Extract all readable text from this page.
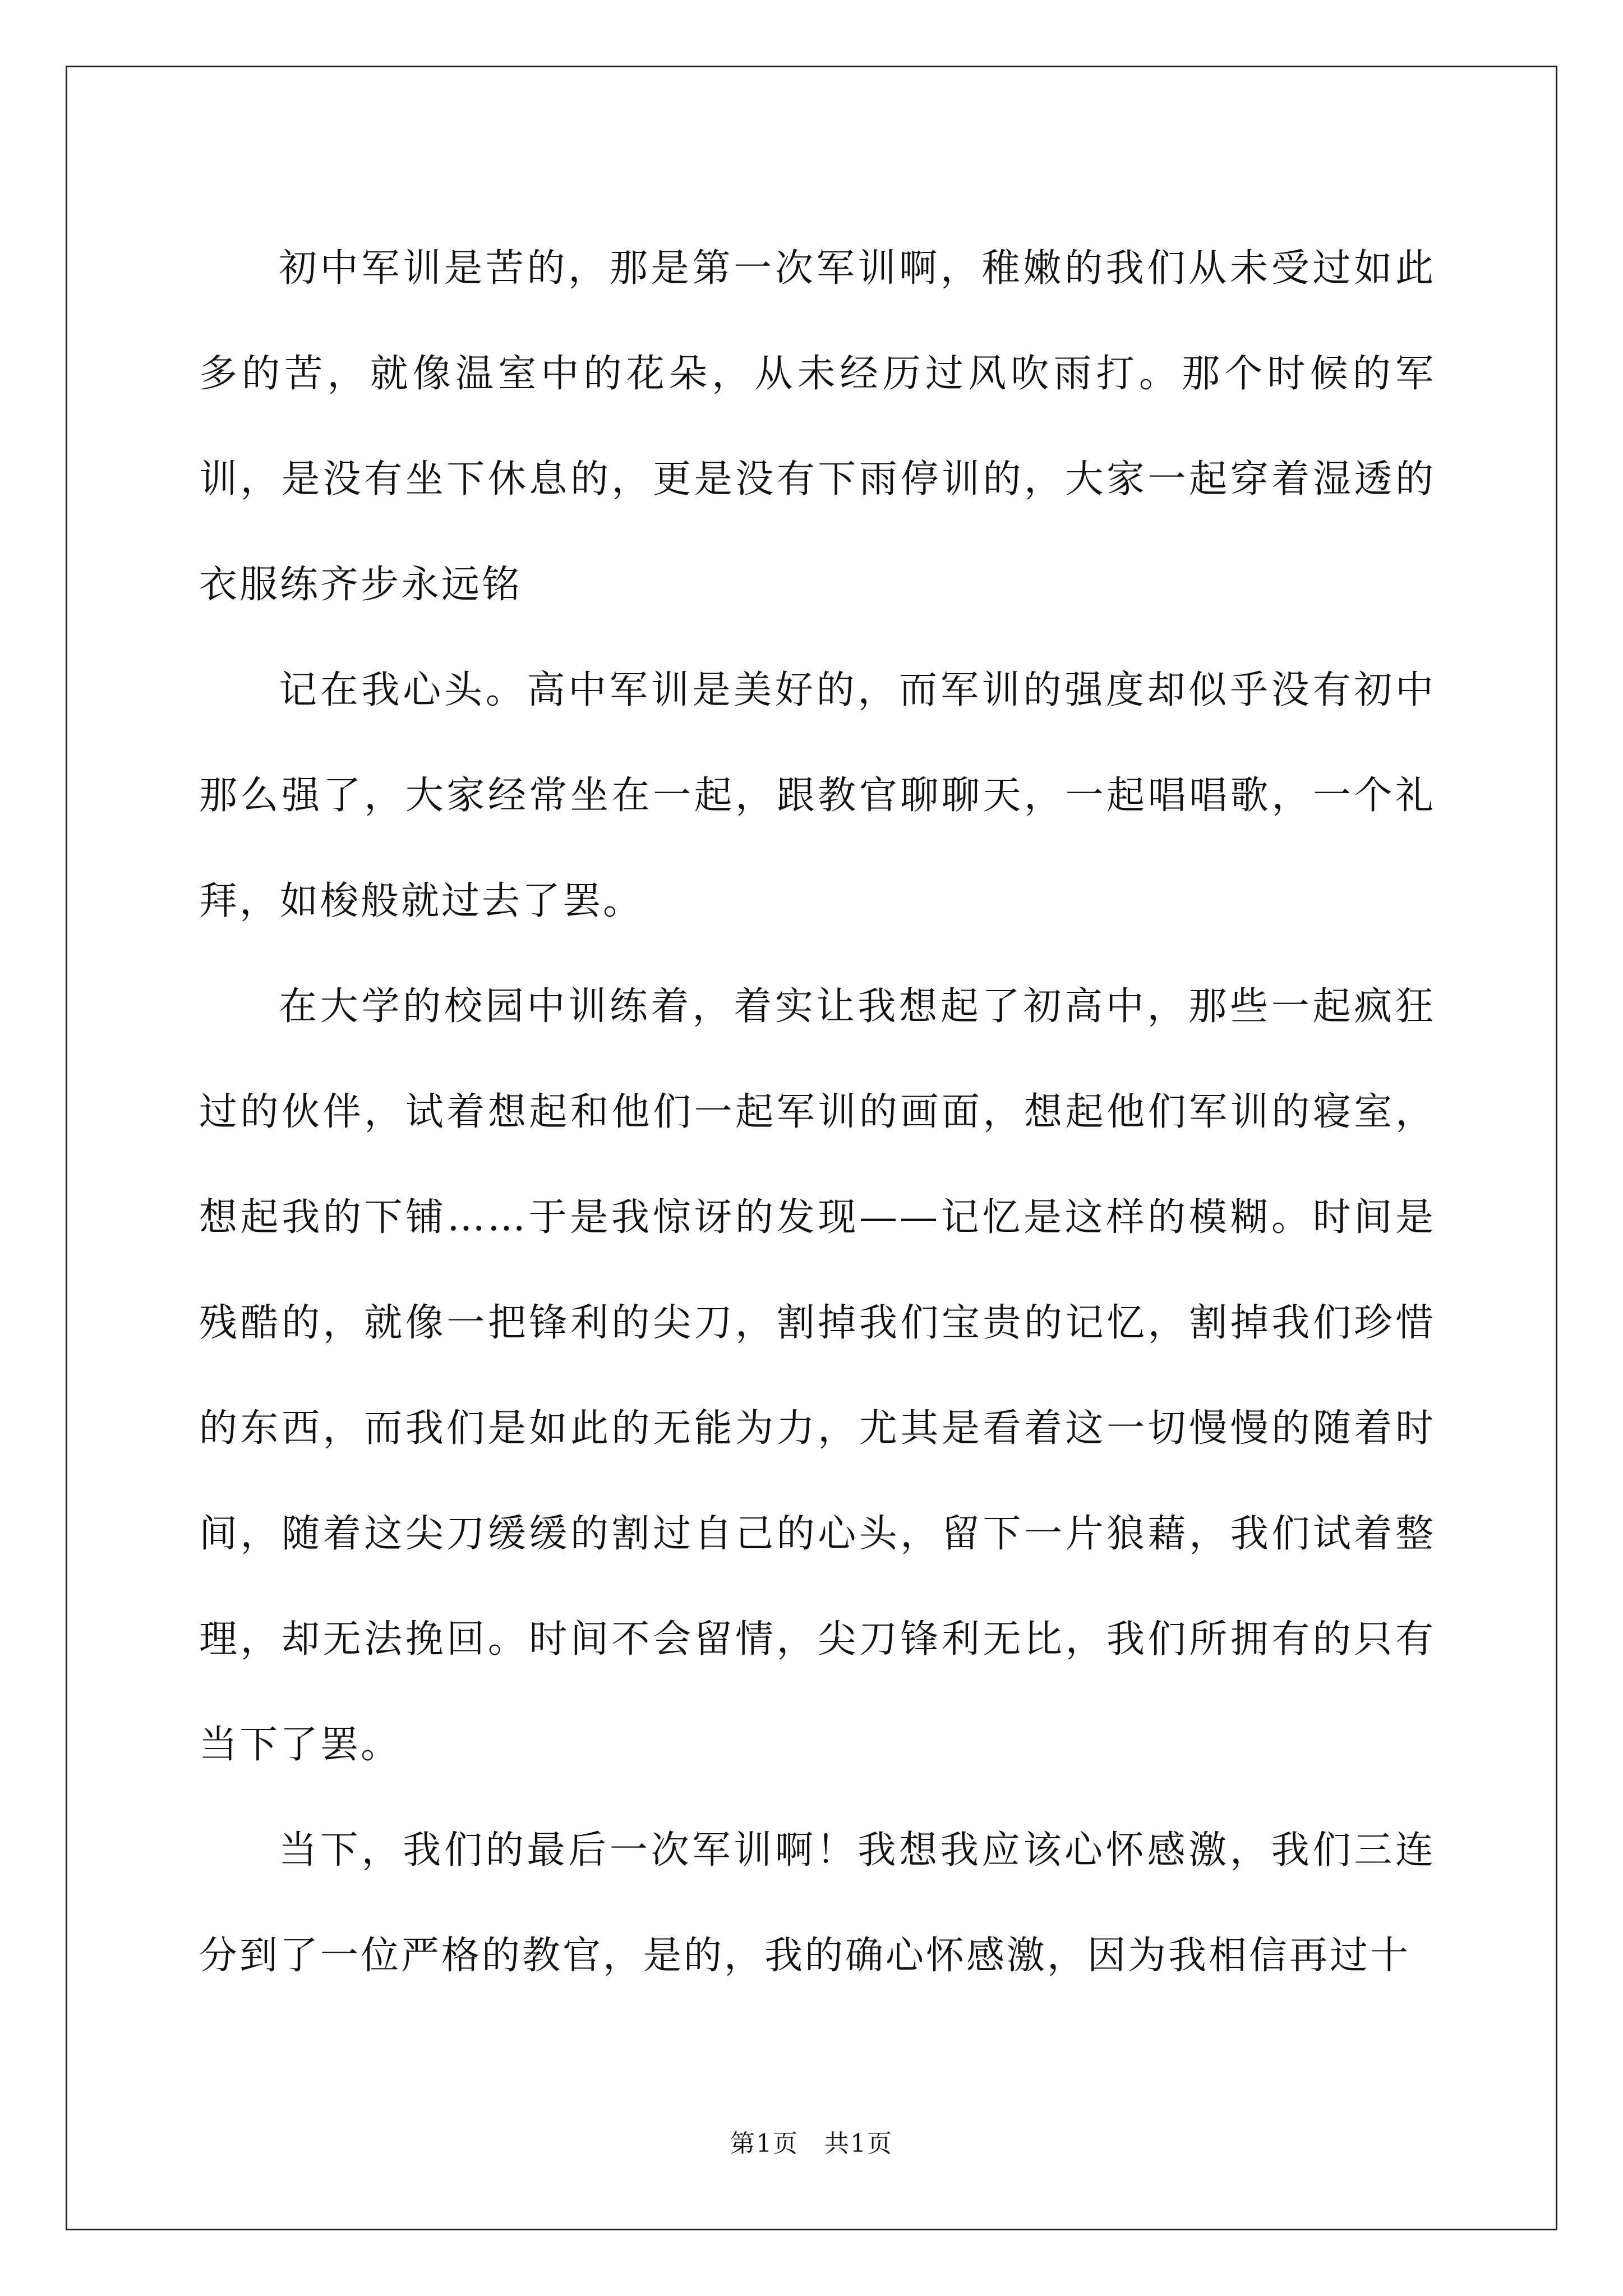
初中军训是苦的，那是第一次军训啊，稚嫩的我们从未受过如此多的苦，就像温室中的花朵，从未经历过风吹雨打。那个时候的军训，是没有坐下休息的，更是没有下雨停训的，大家一起穿着湿透的衣服练齐步永远铭

记在我心头。高中军训是美好的，而军训的强度却似乎没有初中那么强了，大家经常坐在一起，跟教官聊聊天，一起唱唱歌，一个礼拜，如梭般就过去了罢。

在大学的校园中训练着，着实让我想起了初高中，那些一起疯狂过的伙伴，试着想起和他们一起军训的画面，想起他们军训的寝室，想起我的下铺……于是我惊讶的发现——记忆是这样的模糊。时间是残酷的，就像一把锋利的尖刀，割掉我们宝贵的记忆，割掉我们珍惜的东西，而我们是如此的无能为力，尤其是看着这一切慢慢的随着时间，随着这尖刀缓缓的割过自己的心头，留下一片狼藉，我们试着整理，却无法挽回。时间不会留情，尖刀锋利无比，我们所拥有的只有当下了罢。

当下，我们的最后一次军训啊！我想我应该心怀感激，我们三连分到了一位严格的教官，是的，我的确心怀感激，因为我相信再过十

第1页　共1页
